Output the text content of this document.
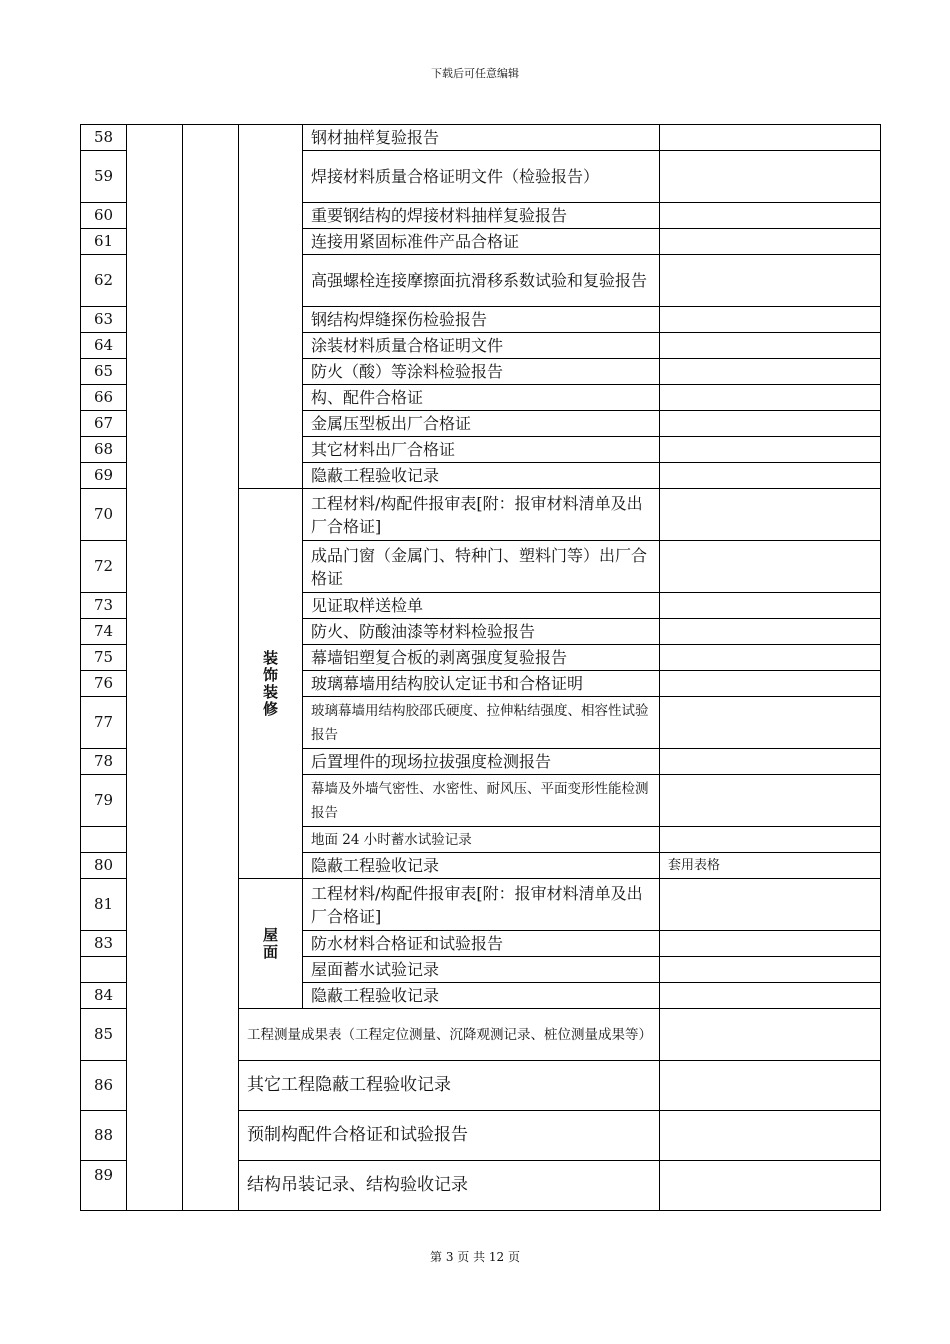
下载后可任意编辑
58				钢材抽样复验报告	
59				焊接材料质量合格证明文件（检验报告）	
60				重要钢结构的焊接材料抽样复验报告	
61				连接用紧固标准件产品合格证	
62				高强螺栓连接摩擦面抗滑移系数试验和复验报告	
63				钢结构焊缝探伤检验报告	
64				涂装材料质量合格证明文件	
65				防火（酸）等涂料检验报告	
66				构、配件合格证	
67				金属压型板出厂合格证	
68				其它材料出厂合格证	
69				隐蔽工程验收记录	
70			装饰装修	工程材料/构配件报审表[附：报审材料清单及出厂合格证]	
72				成品门窗（金属门、特种门、塑料门等）出厂合格证	
73				见证取样送检单	
74				防火、防酸油漆等材料检验报告	
75				幕墙铝塑复合板的剥离强度复验报告	
76				玻璃幕墙用结构胶认定证书和合格证明	
77				玻璃幕墙用结构胶邵氏硬度、拉伸粘结强度、相容性试验报告	
78				后置埋件的现场拉拔强度检测报告	
79				幕墙及外墙气密性、水密性、耐风压、平面变形性能检测报告	
				地面 24 小时蓄水试验记录	
80				隐蔽工程验收记录	套用表格
81			屋面	工程材料/构配件报审表[附：报审材料清单及出厂合格证]	
83				防水材料合格证和试验报告	
				屋面蓄水试验记录	
84				隐蔽工程验收记录	
85			工程测量成果表（工程定位测量、沉降观测记录、桩位测量成果等）		
86			其它工程隐蔽工程验收记录		
88			预制构配件合格证和试验报告		
89			结构吊装记录、结构验收记录		
第 3 页 共 12 页
